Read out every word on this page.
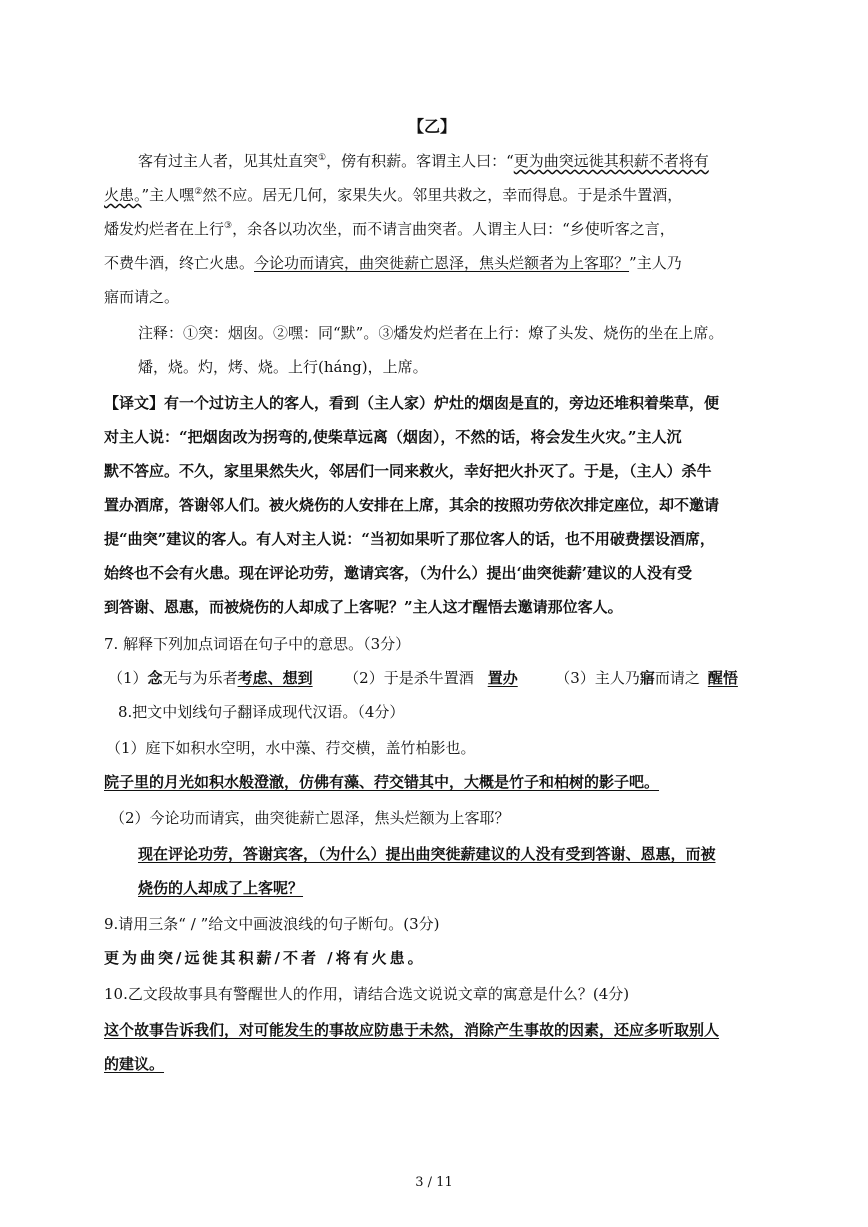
【乙】
客有过主人者，见其灶直突①，傍有积薪。客谓主人曰：“更为曲突远徙其积薪不者将有
火患。”主人嘿②然不应。居无几何，家果失火。邻里共救之，幸而得息。于是杀牛置酒，
燔发灼烂者在上行③，余各以功次坐，而不请言曲突者。人谓主人曰：“乡使听客之言，
不费牛酒，终亡火患。今论功而请宾，曲突徙薪亡恩泽，焦头烂额者为上客耶？”主人乃
寤而请之。
注释：①突：烟囱。②嘿：同“默”。③燔发灼烂者在上行：燎了头发、烧伤的坐在上席。
燔，烧。灼，烤、烧。上行(háng)，上席。
【译文】有一个过访主人的客人，看到（主人家）炉灶的烟囱是直的，旁边还堆积着柴草，便
对主人说：“把烟囱改为拐弯的,使柴草远离（烟囱），不然的话，将会发生火灾。”主人沉
默不答应。不久，家里果然失火，邻居们一同来救火，幸好把火扑灭了。于是，（主人）杀牛
置办酒席，答谢邻人们。被火烧伤的人安排在上席，其余的按照功劳依次排定座位，却不邀请
提“曲突”建议的客人。有人对主人说：“当初如果听了那位客人的话，也不用破费摆设酒席，
始终也不会有火患。现在评论功劳，邀请宾客，（为什么）提出‘曲突徙薪’建议的人没有受
到答谢、恩惠，而被烧伤的人却成了上客呢？”主人这才醒悟去邀请那位客人。
7. 解释下列加点词语在句子中的意思。（3分）
（1）念无与为乐者考虑、想到 （2）于是杀牛置酒 置办	（3）主人乃寤而请之 醒悟
8.把文中划线句子翻译成现代汉语。（4分）
（1）庭下如积水空明，水中藻、荇交横，盖竹柏影也。
院子里的月光如积水般澄澈，仿佛有藻、荇交错其中，大概是竹子和柏树的影子吧。
（2）今论功而请宾，曲突徙薪亡恩泽，焦头烂额为上客耶？
现在评论功劳，答谢宾客，（为什么）提出曲突徙薪建议的人没有受到答谢、恩惠，而被
烧伤的人却成了上客呢？
9.请用三条“ / ”给文中画波浪线的句子断句。(3分)
更为曲突/远徙其积薪/不者 /将有火患。
10.乙文段故事具有警醒世人的作用，请结合选文说说文章的寓意是什么？(4分)
这个故事告诉我们，对可能发生的事故应防患于未然，消除产生事故的因素，还应多听取别人
的建议。
3 / 11
